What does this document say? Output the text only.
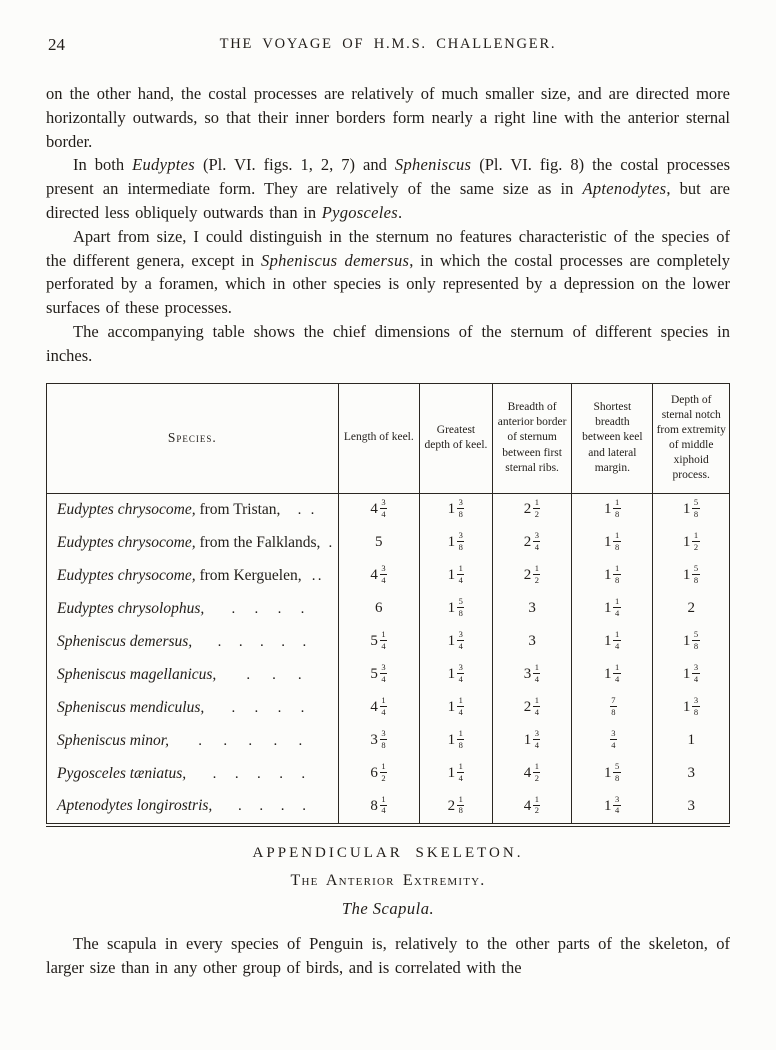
24	THE VOYAGE OF H.M.S. CHALLENGER.

on the other hand, the costal processes are relatively of much smaller size, and are directed more horizontally outwards, so that their inner borders form nearly a right line with the anterior sternal border.

In both Eudyptes (Pl. VI. figs. 1, 2, 7) and Spheniscus (Pl. VI. fig. 8) the costal processes present an intermediate form. They are relatively of the same size as in Aptenodytes, but are directed less obliquely outwards than in Pygosceles.

Apart from size, I could distinguish in the sternum no features characteristic of the species of the different genera, except in Spheniscus demersus, in which the costal processes are completely perforated by a foramen, which in other species is only represented by a depression on the lower surfaces of these processes.

The accompanying table shows the chief dimensions of the sternum of different species in inches.

Species.	Length of keel.	Greatest depth of keel.	Breadth of anterior border of sternum between first sternal ribs.	Shortest breadth between keel and lateral margin.	Depth of sternal notch from extremity of middle xiphoid process.

Eudyptes chrysocome, from Tristan, . .	$4 \frac{3}{4}$	$1 \frac{3}{8}$	$2 \frac{1}{2}$	$1 \frac{1}{8}$	$1 \frac{5}{8}$

Eudyptes chrysocome, from the Falklands, .	5	$1 \frac{3}{8}$	$2 \frac{3}{4}$	$1 \frac{1}{8}$	$1 \frac{1}{2}$

Eudyptes chrysocome, from Kerguelen, . .	$4 \frac{3}{4}$	$1 \frac{1}{4}$	$2 \frac{1}{2}$	$1 \frac{1}{8}$	$1 \frac{5}{8}$

Eudyptes chrysolophus, . . . .	6	$1 \frac{5}{8}$	3	$1 \frac{1}{4}$	2

Spheniscus demersus, . . . . .	$5 \frac{1}{4}$	$1 \frac{3}{4}$	3	$1 \frac{1}{4}$	$1 \frac{5}{8}$

Spheniscus magellanicus, . . .	$5 \frac{3}{4}$	$1 \frac{3}{4}$	$3 \frac{1}{4}$	$1 \frac{1}{4}$	$1 \frac{3}{4}$

Spheniscus mendiculus, . . . .	$4 \frac{1}{4}$	$1 \frac{1}{4}$	$2 \frac{1}{4}$	$\frac{7}{8}$	$1 \frac{3}{8}$

Spheniscus minor, . . . . .	$3 \frac{3}{8}$	$1 \frac{1}{8}$	$1 \frac{3}{4}$	$\frac{3}{4}$	1

Pygosceles tæniatus, . . . . .	$6 \frac{1}{2}$	$1 \frac{1}{4}$	$4 \frac{1}{2}$	$1 \frac{5}{8}$	3

Aptenodytes longirostris, . . . .	$8 \frac{1}{4}$	$2 \frac{1}{8}$	$4 \frac{1}{2}$	$1 \frac{3}{4}$	3
APPENDICULAR SKELETON.
The Anterior Extremity.
The Scapula.

The scapula in every species of Penguin is, relatively to the other parts of the skeleton, of larger size than in any other group of birds, and is correlated with the
